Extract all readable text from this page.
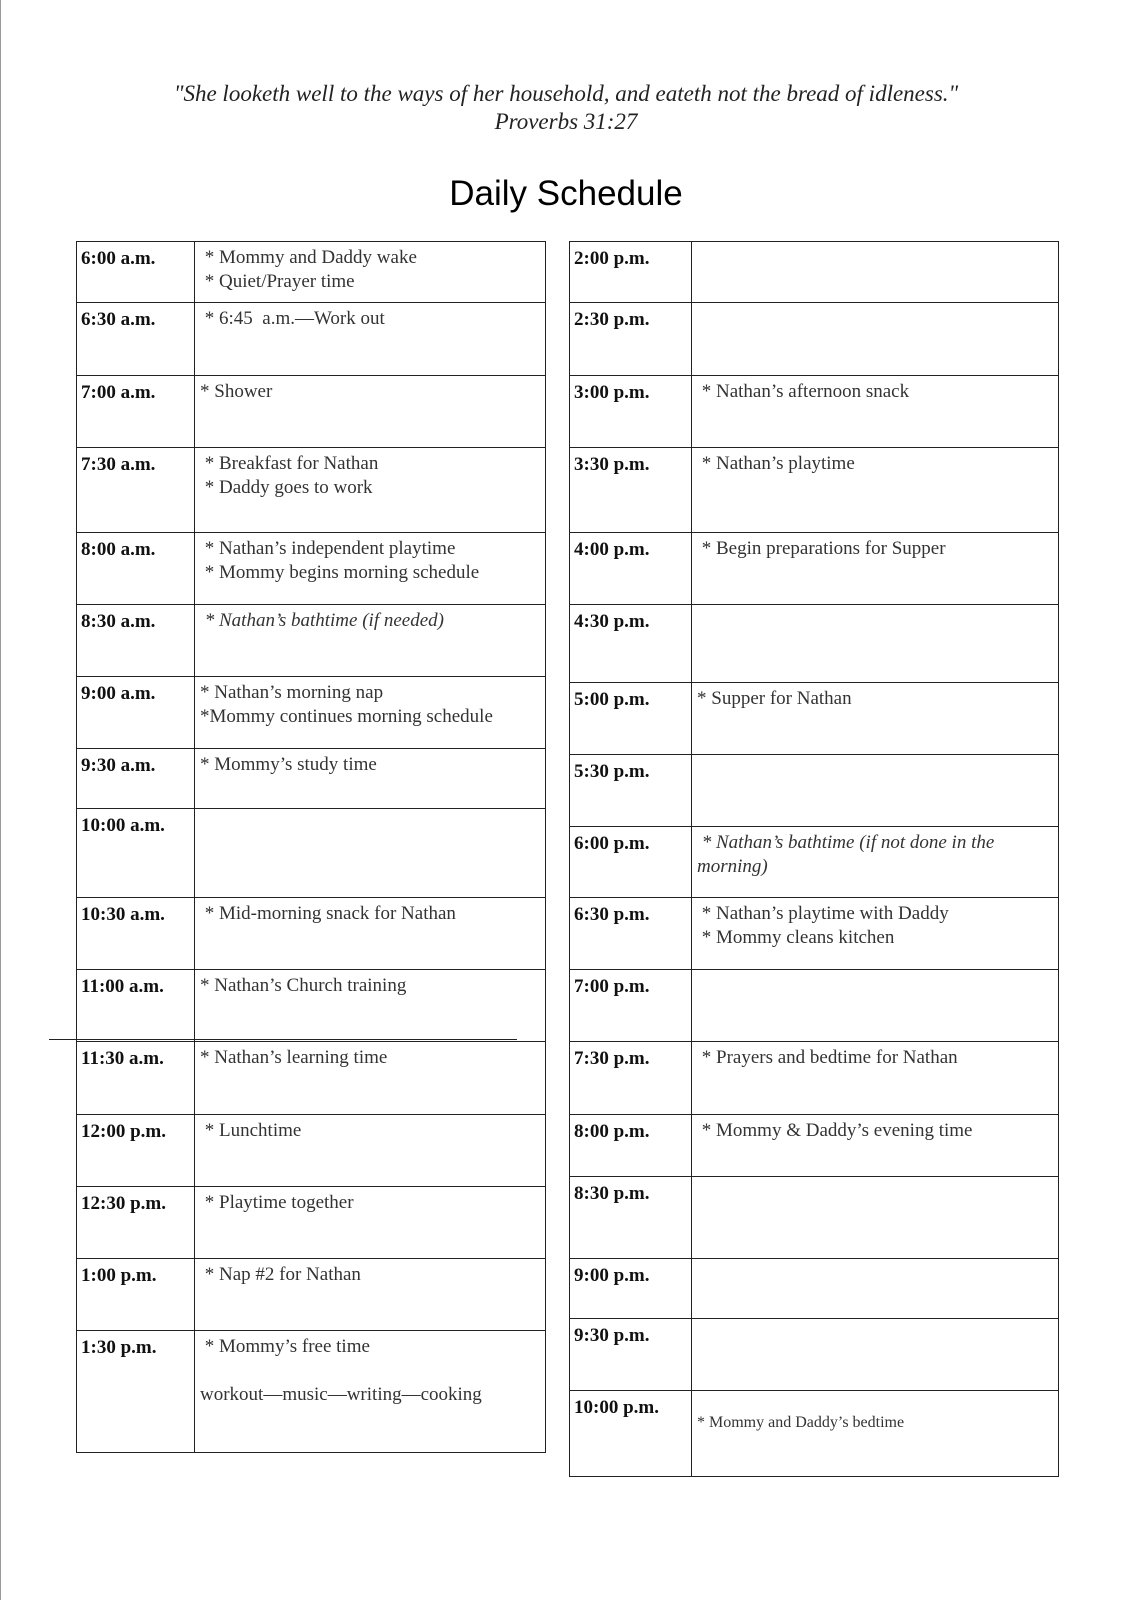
"She looketh well to the ways of her household, and eateth not the bread of idleness."
Proverbs 31:27
Daily Schedule
6:00 a.m.	* Mommy and Daddy wake
* Quiet/Prayer time
6:30 a.m.	* 6:45  a.m.—Work out
7:00 a.m.	* Shower
7:30 a.m.	* Breakfast for Nathan
* Daddy goes to work
8:00 a.m.	* Nathan’s independent playtime
* Mommy begins morning schedule
8:30 a.m.	* Nathan’s bathtime (if needed)
9:00 a.m.	* Nathan’s morning nap
*Mommy continues morning schedule
9:30 a.m.	* Mommy’s study time
10:00 a.m.
10:30 a.m.	* Mid-morning snack for Nathan
11:00 a.m.	* Nathan’s Church training
11:30 a.m.	* Nathan’s learning time
12:00 p.m.	* Lunchtime
12:30 p.m.	* Playtime together
1:00 p.m.	* Nap #2 for Nathan
1:30 p.m.	* Mommy’s free time

workout—music—writing—cooking
2:00 p.m.
2:30 p.m.
3:00 p.m.	* Nathan’s afternoon snack
3:30 p.m.	* Nathan’s playtime
4:00 p.m.	* Begin preparations for Supper
4:30 p.m.
5:00 p.m.	* Supper for Nathan
5:30 p.m.
6:00 p.m.	* Nathan’s bathtime (if not done in the
morning)
6:30 p.m.	* Nathan’s playtime with Daddy
* Mommy cleans kitchen
7:00 p.m.
7:30 p.m.	* Prayers and bedtime for Nathan
8:00 p.m.	* Mommy & Daddy’s evening time
8:30 p.m.
9:00 p.m.
9:30 p.m.
10:00 p.m.
* Mommy and Daddy’s bedtime
